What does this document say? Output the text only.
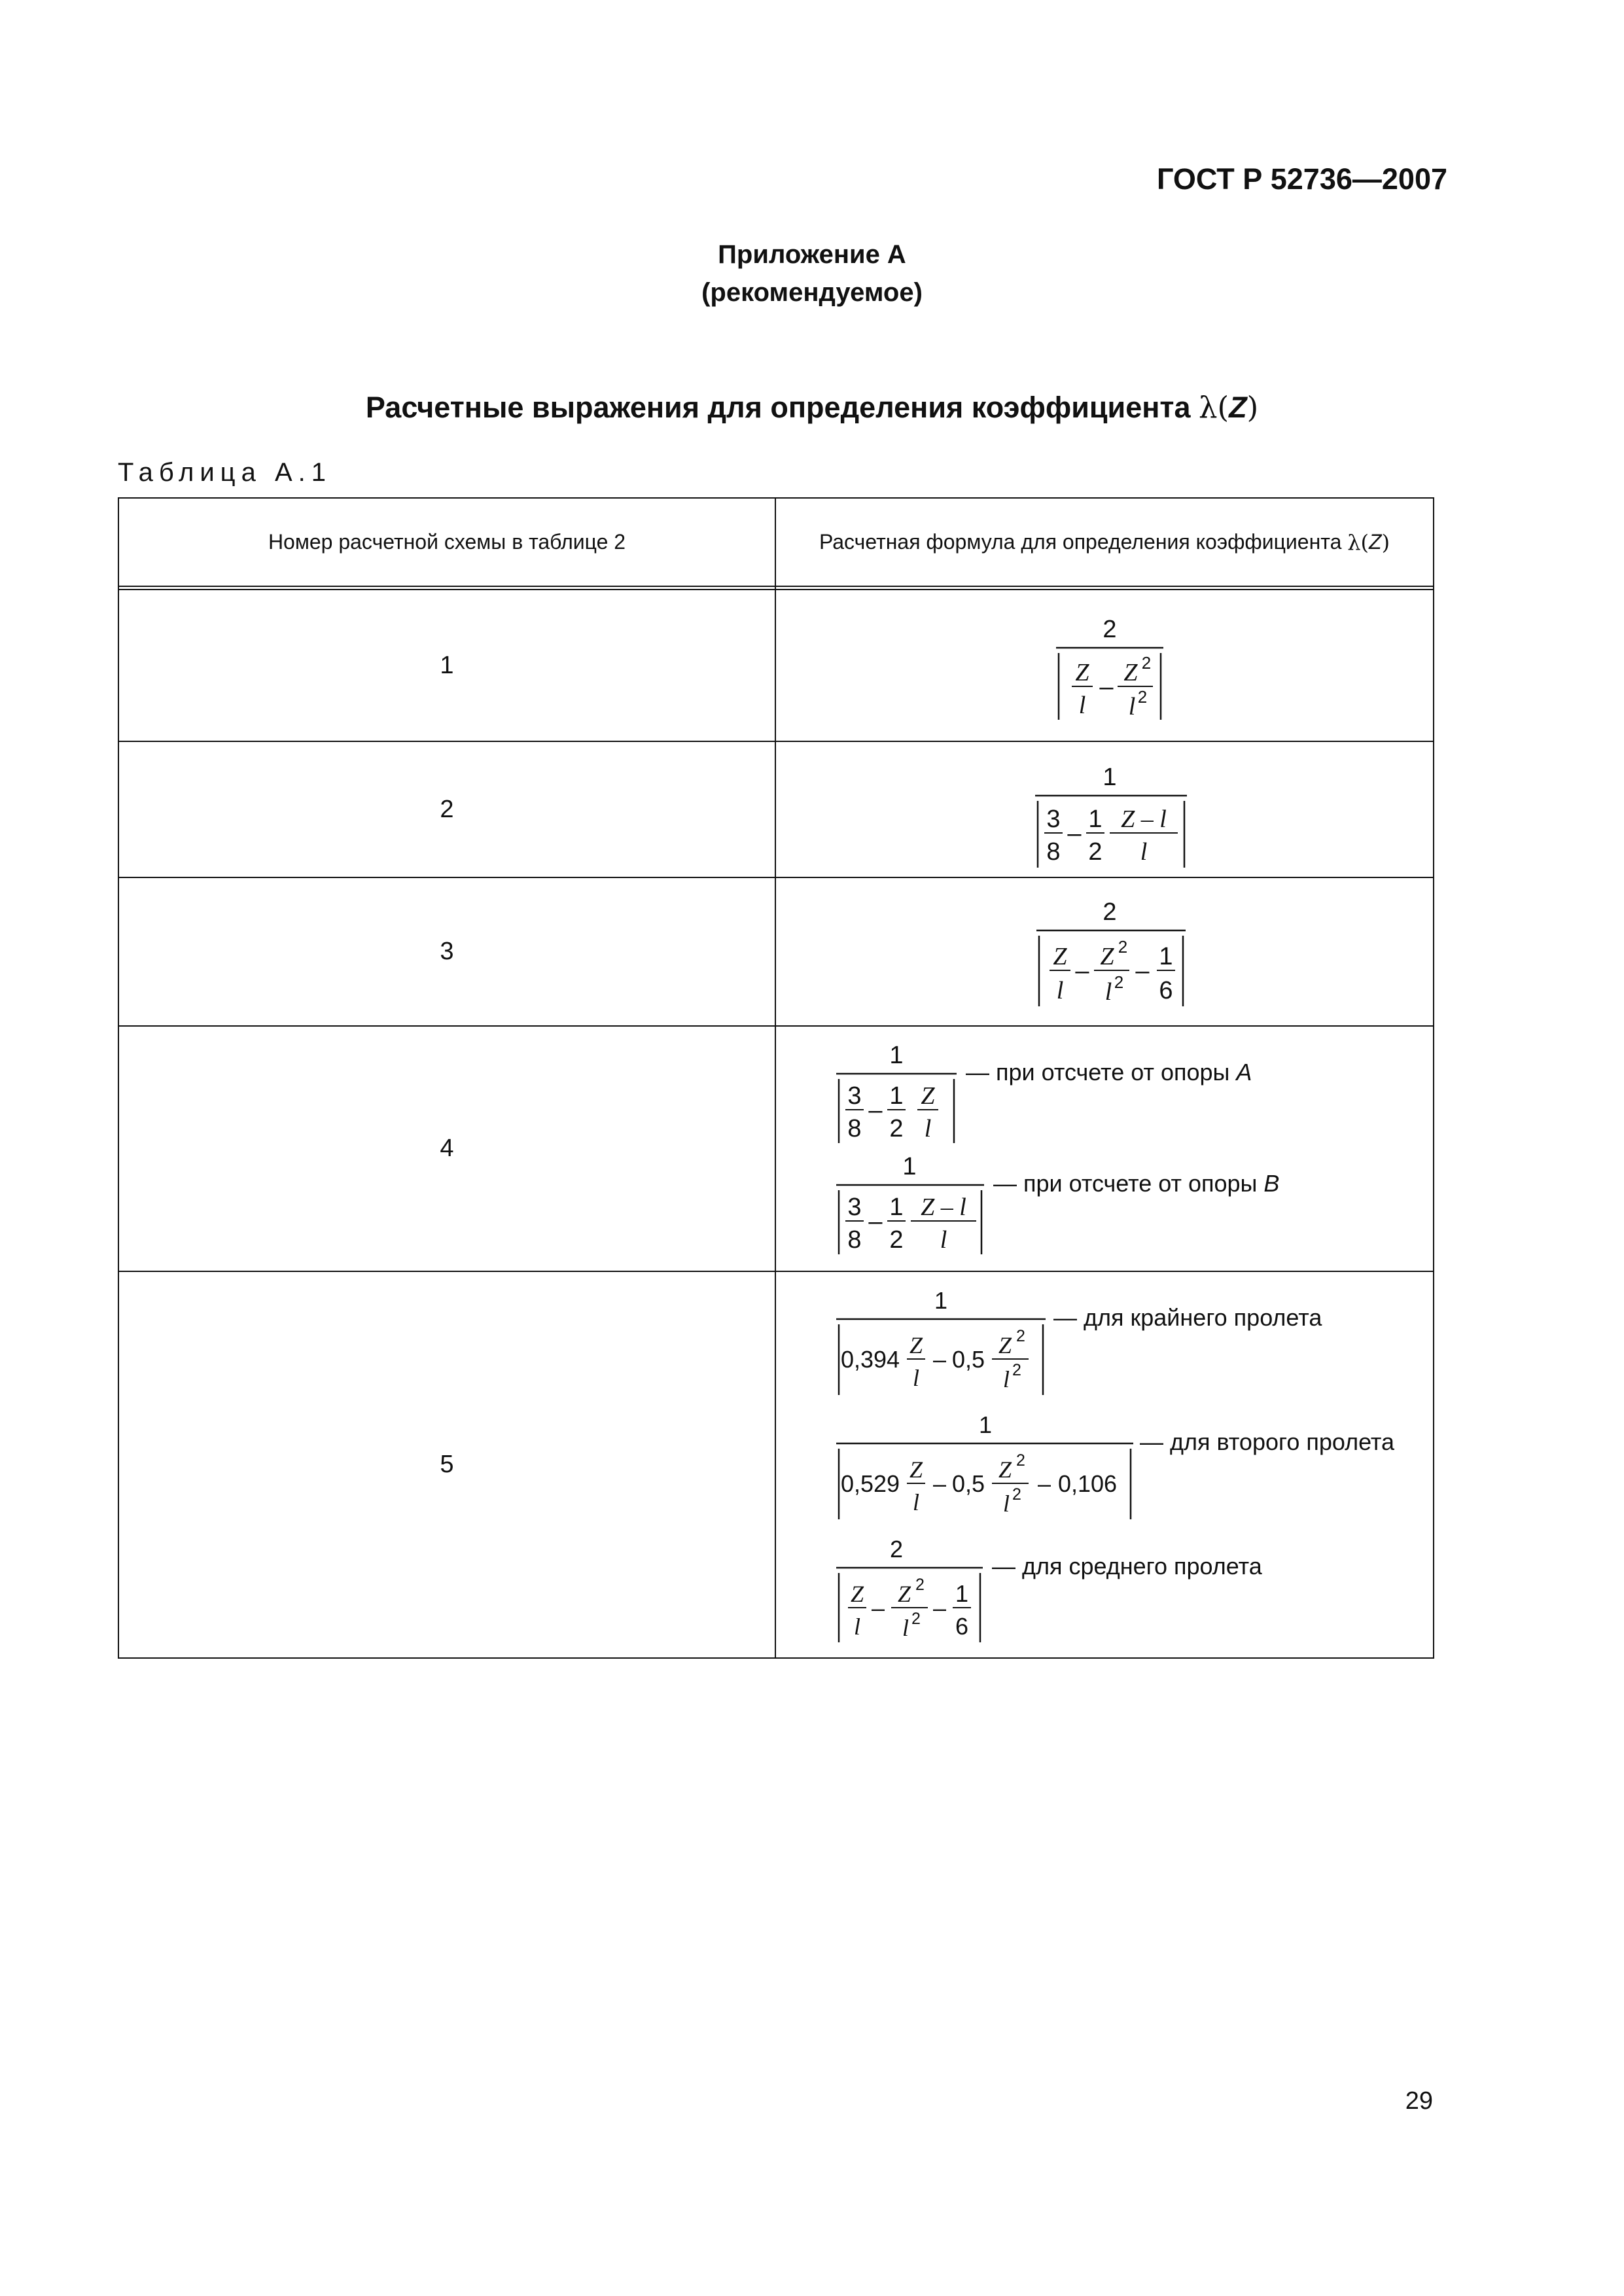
ГОСТ Р 52736—2007
Приложение А
(рекомендуемое)
Расчетные выражения для определения коэффициента λ(Z)
Таблица А.1
Номер расчетной схемы в таблице 2	Расчетная формула для определения коэффициента
λ( Z )
1
2
3
4
5
2
Z
l
–
Z 2
l 2
1
3
8
–
1
2
Z – l
l
2
Z
l
–
Z 2
l 2 –
1
6
1
3
8
–
1
2
Z
l
1
3
8
–
1
2
Z – l
l
— при отсчете от опоры А
— при отсчете от опоры В
1
0,394
Z
l
– 0,5
Z 2
l 2
1
0,529
Z
l
– 0,5
Z 2
l 2 – 0,106
2
Z
l
–
Z 2
l 2 –
1
6
— для крайнего пролета
— для второго пролета
— для среднего пролета
29
